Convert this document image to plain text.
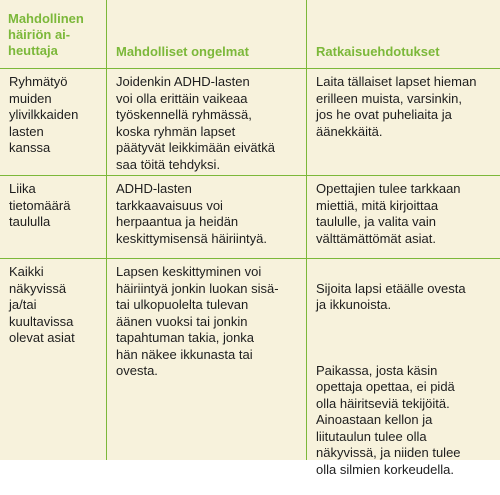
Mahdollinen
häiriön ai-
heuttaja	Mahdolliset ongelmat	Ratkaisuehdotukset
Ryhmätyö
muiden
ylivilkkaiden
lasten
kanssa
Joidenkin ADHD-lasten
voi olla erittäin vaikeaa
työskennellä ryhmässä,
koska ryhmän lapset
päätyvät leikkimään eivätkä
saa töitä tehdyksi.
Laita tällaiset lapset hieman
erilleen muista, varsinkin,
jos he ovat puheliaita ja
äänekkäitä.
Liika
tietomäärä
taululla
ADHD-lasten
tarkkaavaisuus voi
herpaantua ja heidän
keskittymisensä häiriintyä.
Opettajien tulee tarkkaan
miettiä, mitä kirjoittaa
taululle, ja valita vain
välttämättömät asiat.
Kaikki
näkyvissä
ja/tai
kuultavissa
olevat asiat
Lapsen keskittyminen voi
häiriintyä jonkin luokan sisä-
tai ulkopuolelta tulevan
äänen vuoksi tai jonkin
tapahtuman takia, jonka
hän näkee ikkunasta tai
ovesta.

Sijoita lapsi etäälle ovesta
ja ikkunoista.

Paikassa, josta käsin
opettaja opettaa, ei pidä
olla häiritseviä tekijöitä.
Ainoastaan kellon ja
liitutaulun tulee olla
näkyvissä, ja niiden tulee
olla silmien korkeudella.
